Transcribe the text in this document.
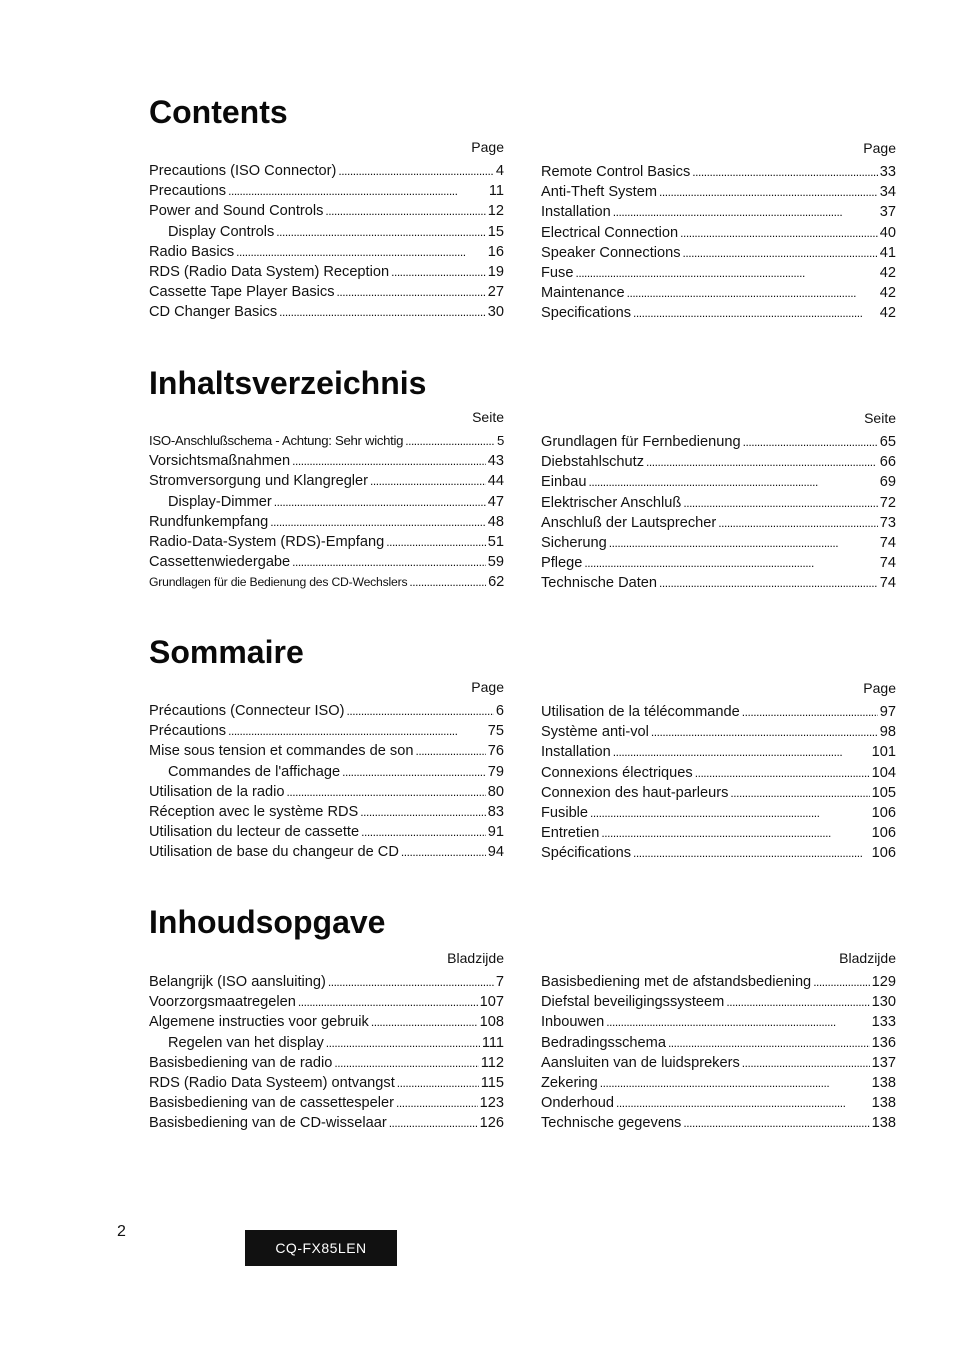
Contents
Page
Precautions (ISO Connector) . . .	4
Precautions . . .	11
Power and Sound Controls . . .	12
Display Controls . . .	15
Radio Basics . . .	16
RDS (Radio Data System) Reception . . .	19
Cassette Tape Player Basics . . .	27
CD Changer Basics . . .	30
Page
Remote Control Basics . . .	33
Anti-Theft System . . .	34
Installation . . .	37
Electrical Connection . . .	40
Speaker Connections . . .	41
Fuse . . .	42
Maintenance . . .	42
Specifications . . .	42
Inhaltsverzeichnis
Seite
ISO-Anschlußschema - Achtung: Sehr wichtig . . .	5
Vorsichtsmaßnahmen . . .	43
Stromversorgung und Klangregler . . .	44
Display-Dimmer . . .	47
Rundfunkempfang . . .	48
Radio-Data-System (RDS)-Empfang . . .	51
Cassettenwiedergabe . . .	59
Grundlagen für die Bedienung des CD-Wechslers . . .	62
Seite
Grundlagen für Fernbedienung . . .	65
Diebstahlschutz . . .	66
Einbau . . .	69
Elektrischer Anschluß . . .	72
Anschluß der Lautsprecher . . .	73
Sicherung . . .	74
Pflege . . .	74
Technische Daten . . .	74
Sommaire
Page
Précautions (Connecteur ISO) . . .	6
Précautions . . .	75
Mise sous tension et commandes de son . . .	76
Commandes de l'affichage . . .	79
Utilisation de la radio . . .	80
Réception avec le système RDS . . .	83
Utilisation du lecteur de cassette . . .	91
Utilisation de base du changeur de CD . . .	94
Page
Utilisation de la télécommande . . .	97
Système anti-vol . . .	98
Installation . . .	101
Connexions électriques . . .	104
Connexion des haut-parleurs . . .	105
Fusible . . .	106
Entretien . . .	106
Spécifications . . .	106
Inhoudsopgave
Bladzijde
Belangrijk (ISO aansluiting) . . .	7
Voorzorgsmaatregelen . . .	107
Algemene instructies voor gebruik . . .	108
Regelen van het display . . .	111
Basisbediening van de radio . . .	112
RDS (Radio Data Systeem) ontvangst . . .	115
Basisbediening van de cassettespeler . . .	123
Basisbediening van de CD-wisselaar . . .	126
Bladzijde
Basisbediening met de afstandsbediening . . .	129
Diefstal beveiligingssysteem . . .	130
Inbouwen . . .	133
Bedradingsschema . . .	136
Aansluiten van de luidsprekers . . .	137
Zekering . . .	138
Onderhoud . . .	138
Technische gegevens . . .	138
2
CQ-FX85LEN
